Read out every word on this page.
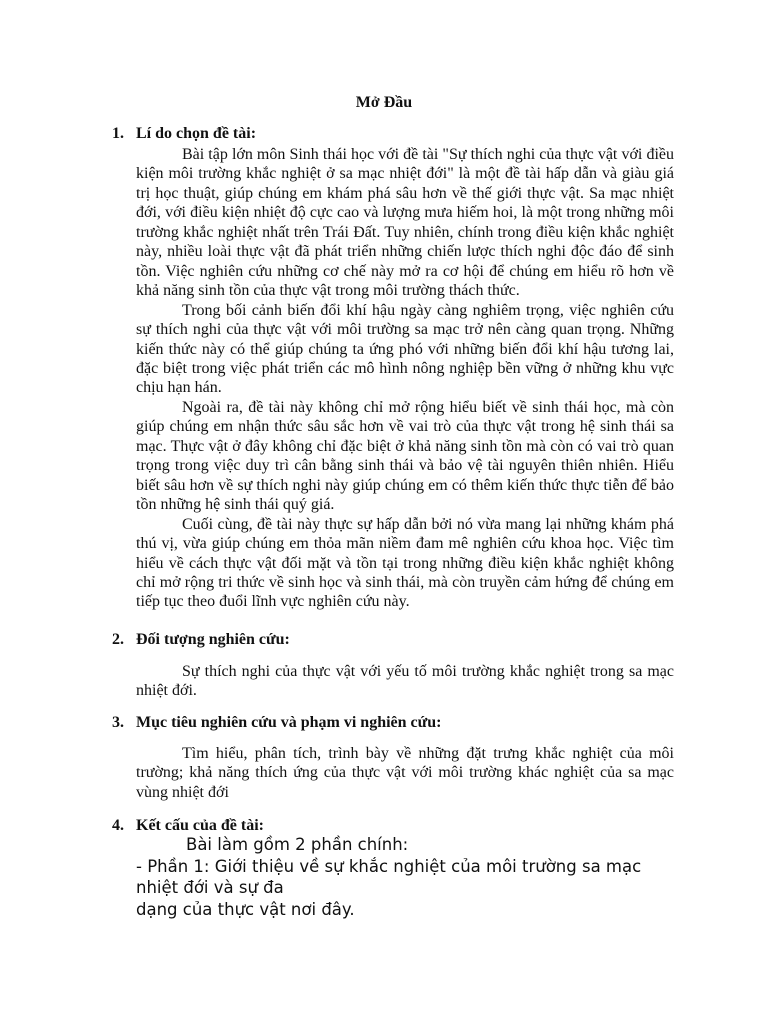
Mở Đầu
1. Lí do chọn đề tài:

Bài tập lớn môn Sinh thái học với đề tài "Sự thích nghi của thực vật với điều kiện môi trường khắc nghiệt ở sa mạc nhiệt đới" là một đề tài hấp dẫn và giàu giá trị học thuật, giúp chúng em khám phá sâu hơn về thế giới thực vật. Sa mạc nhiệt đới, với điều kiện nhiệt độ cực cao và lượng mưa hiếm hoi, là một trong những môi trường khắc nghiệt nhất trên Trái Đất. Tuy nhiên, chính trong điều kiện khắc nghiệt này, nhiều loài thực vật đã phát triển những chiến lược thích nghi độc đáo để sinh tồn. Việc nghiên cứu những cơ chế này mở ra cơ hội để chúng em hiểu rõ hơn về khả năng sinh tồn của thực vật trong môi trường thách thức.

Trong bối cảnh biến đổi khí hậu ngày càng nghiêm trọng, việc nghiên cứu sự thích nghi của thực vật với môi trường sa mạc trở nên càng quan trọng. Những kiến thức này có thể giúp chúng ta ứng phó với những biến đổi khí hậu tương lai, đặc biệt trong việc phát triển các mô hình nông nghiệp bền vững ở những khu vực chịu hạn hán.

Ngoài ra, đề tài này không chỉ mở rộng hiểu biết về sinh thái học, mà còn giúp chúng em nhận thức sâu sắc hơn về vai trò của thực vật trong hệ sinh thái sa mạc. Thực vật ở đây không chỉ đặc biệt ở khả năng sinh tồn mà còn có vai trò quan trọng trong việc duy trì cân bằng sinh thái và bảo vệ tài nguyên thiên nhiên. Hiểu biết sâu hơn về sự thích nghi này giúp chúng em có thêm kiến thức thực tiễn để bảo tồn những hệ sinh thái quý giá.

Cuối cùng, đề tài này thực sự hấp dẫn bởi nó vừa mang lại những khám phá thú vị, vừa giúp chúng em thỏa mãn niềm đam mê nghiên cứu khoa học. Việc tìm hiểu về cách thực vật đối mặt và tồn tại trong những điều kiện khắc nghiệt không chỉ mở rộng tri thức về sinh học và sinh thái, mà còn truyền cảm hứng để chúng em tiếp tục theo đuổi lĩnh vực nghiên cứu này.

2. Đối tượng nghiên cứu:

Sự thích nghi của thực vật với yếu tố môi trường khắc nghiệt trong sa mạc nhiệt đới.

3. Mục tiêu nghiên cứu và phạm vi nghiên cứu:

Tìm hiểu, phân tích, trình bày về những đặt trưng khắc nghiệt của môi trường; khả năng thích ứng của thực vật với môi trường khác nghiệt của sa mạc vùng nhiệt đới

4. Kết cấu của đề tài:
Bài làm gồm 2 phần chính:
- Phần 1: Giới thiệu về sự khắc nghiệt của môi trường sa mạc
nhiệt đới và sự đa
dạng của thực vật nơi đây.
